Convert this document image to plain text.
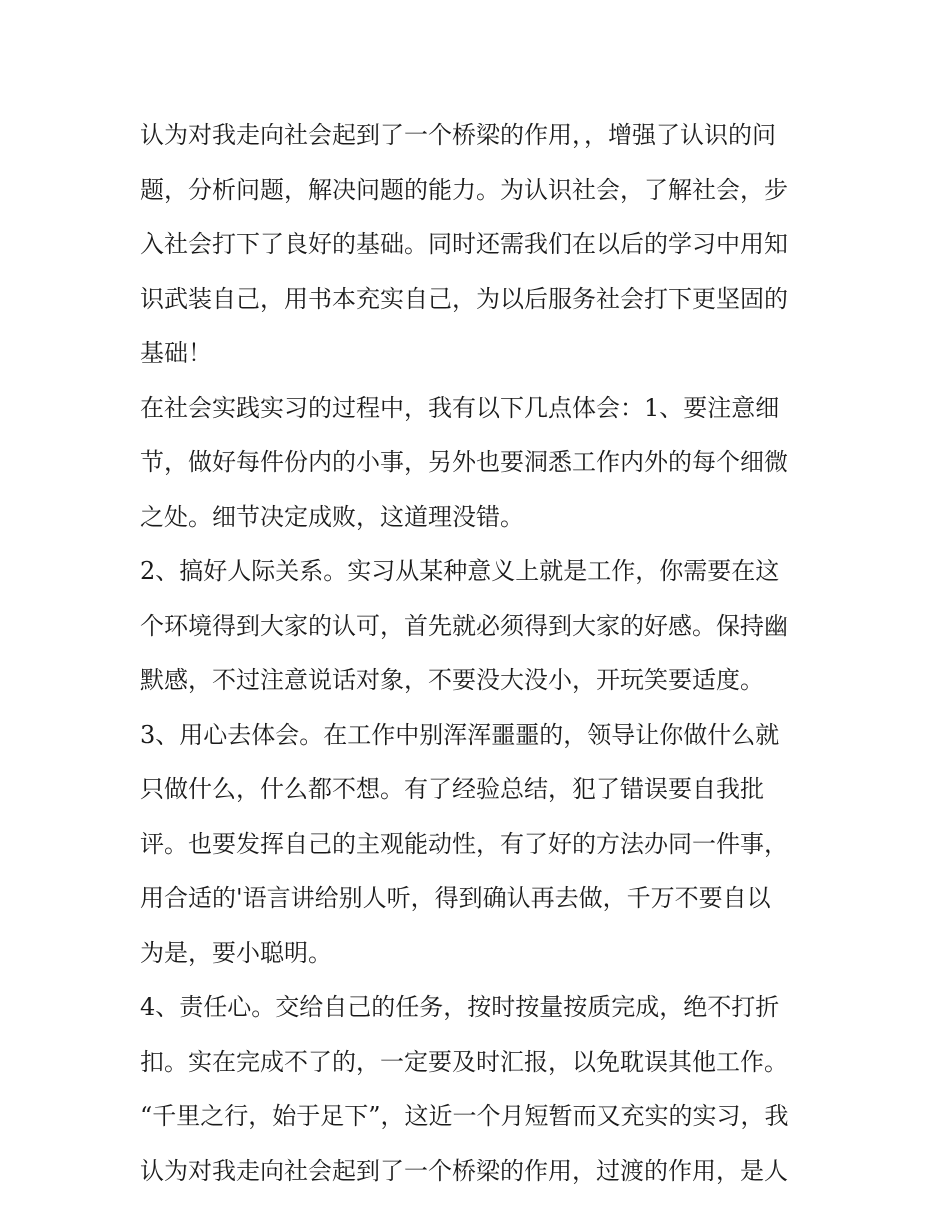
认为对我走向社会起到了一个桥梁的作用，，增强了认识的问
题，分析问题，解决问题的能力。为认识社会，了解社会，步
入社会打下了良好的基础。同时还需我们在以后的学习中用知
识武装自己，用书本充实自己，为以后服务社会打下更坚固的
基础！
在社会实践实习的过程中，我有以下几点体会：1、要注意细
节，做好每件份内的小事，另外也要洞悉工作内外的每个细微
之处。细节决定成败，这道理没错。
2、搞好人际关系。实习从某种意义上就是工作，你需要在这
个环境得到大家的认可，首先就必须得到大家的好感。保持幽
默感，不过注意说话对象，不要没大没小，开玩笑要适度。
3、用心去体会。在工作中别浑浑噩噩的，领导让你做什么就
只做什么，什么都不想。有了经验总结，犯了错误要自我批
评。也要发挥自己的主观能动性，有了好的方法办同一件事，
用合适的'语言讲给别人听，得到确认再去做，千万不要自以
为是，要小聪明。
4、责任心。交给自己的任务，按时按量按质完成，绝不打折
扣。实在完成不了的，一定要及时汇报，以免耽误其他工作。
“千里之行，始于足下”，这近一个月短暂而又充实的实习，我
认为对我走向社会起到了一个桥梁的作用，过渡的作用，是人
